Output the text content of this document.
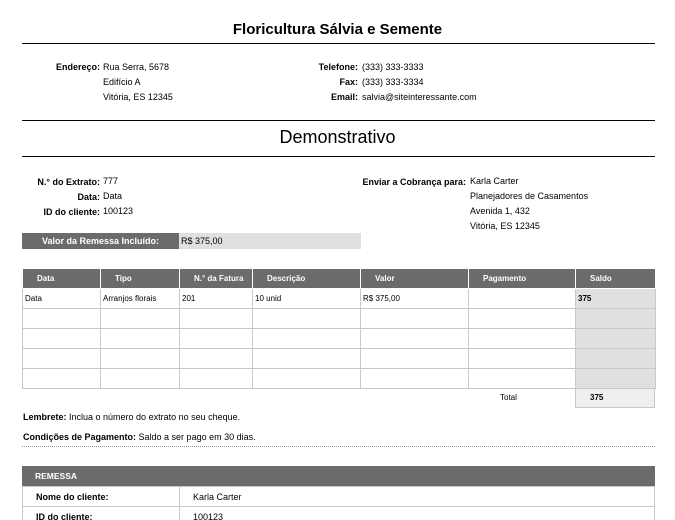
Floricultura Sálvia e Semente
Endereço: Rua Serra, 5678
Edifício A
Vitória, ES 12345
Telefone: (333) 333-3333
Fax: (333) 333-3334
Email: salvia@siteinteressante.com
Demonstrativo
N.° do Extrato: 777
Data: Data
ID do cliente: 100123
Enviar a Cobrança para: Karla Carter
Planejadores de Casamentos
Avenida 1, 432
Vitória, ES 12345
Valor da Remessa Incluído:	R$ 375,00
Data	Tipo	N.° da Fatura	Descrição	Valor	Pagamento	Saldo
Data	Arranjos florais	201	10 unid	R$ 375,00		375

Total	375
Lembrete: Inclua o número do extrato no seu cheque.
Condições de Pagamento: Saldo a ser pago em 30 dias.
REMESSA
Nome do cliente:	Karla Carter
ID do cliente:	100123
